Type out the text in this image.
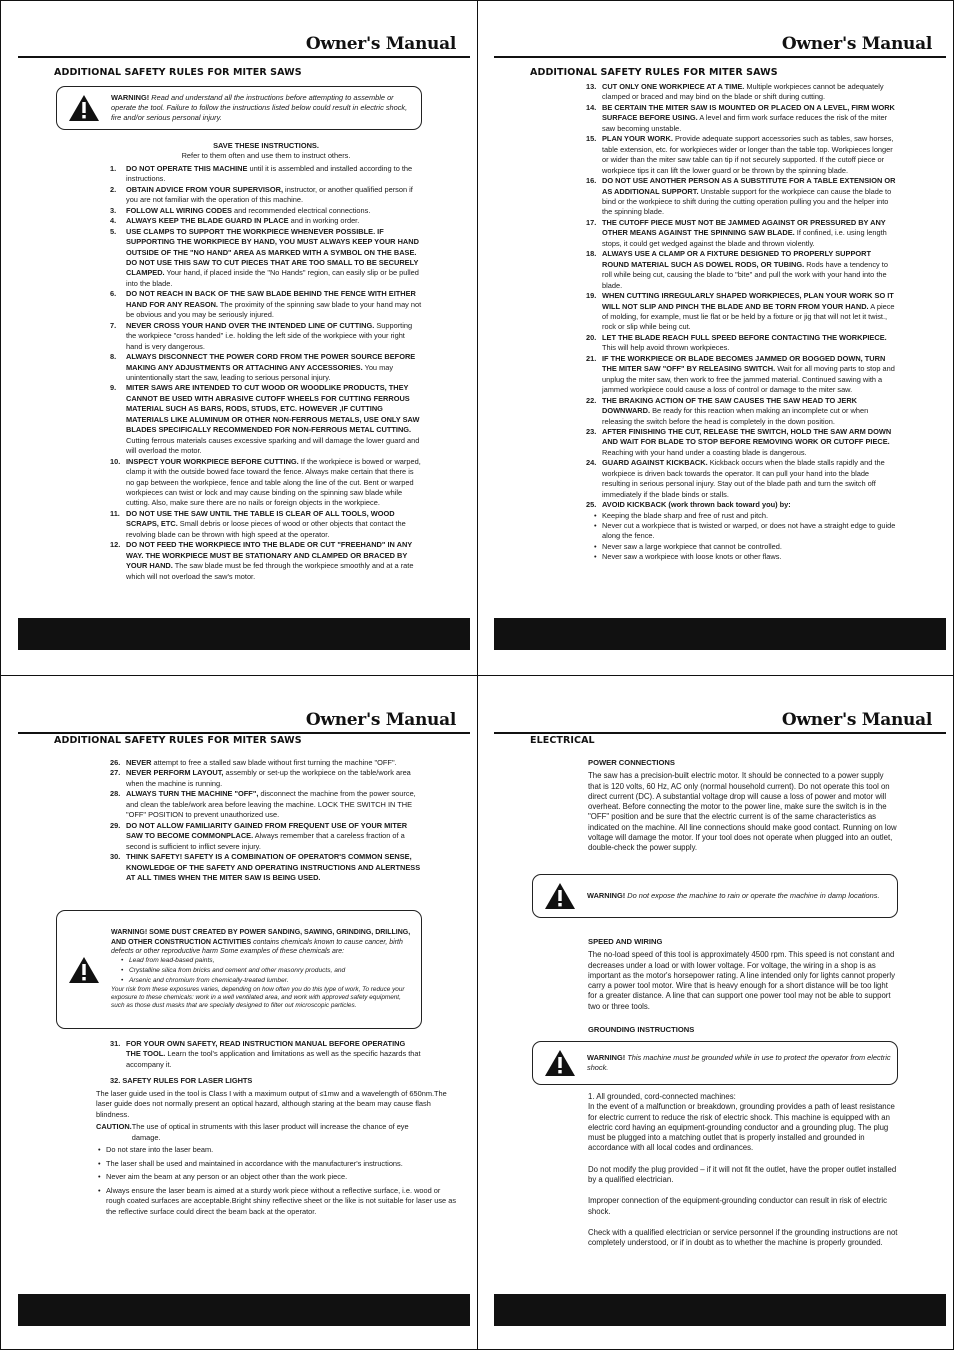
Owner's Manual
ADDITIONAL SAFETY RULES FOR MITER SAWS
WARNING! Read and understand all the instructions before attempting to assemble or operate the tool. Failure to follow the instructions listed below could result in electric shock, fire and/or serious personal injury.
SAVE THESE INSTRUCTIONS.
Refer to them often and use them to instruct others.
1. DO NOT OPERATE THIS MACHINE until it is assembled and installed according to the instructions.
2. OBTAIN ADVICE FROM YOUR SUPERVISOR, instructor, or another qualified person if you are not familiar with the operation of this machine.
3. FOLLOW ALL WIRING CODES and recommended electrical connections.
4. ALWAYS KEEP THE BLADE GUARD IN PLACE and in working order.
5. USE CLAMPS TO SUPPORT THE WORKPIECE WHENEVER POSSIBLE. IF SUPPORTING THE WORKPIECE BY HAND, YOU MUST ALWAYS KEEP YOUR HAND OUTSIDE OF THE "NO HAND" AREA AS MARKED WITH A SYMBOL ON THE BASE. DO NOT USE THIS SAW TO CUT PIECES THAT ARE TOO SMALL TO BE SECURELY CLAMPED. Your hand, if placed inside the "No Hands" region, can easily slip or be pulled into the blade.
6. DO NOT REACH IN BACK OF THE SAW BLADE BEHIND THE FENCE WITH EITHER HAND FOR ANY REASON. The proximity of the spinning saw blade to your hand may not be obvious and you may be seriously injured.
7. NEVER CROSS YOUR HAND OVER THE INTENDED LINE OF CUTTING. Supporting the workpiece "cross handed" i.e. holding the left side of the workpiece with your right hand is very dangerous.
8. ALWAYS DISCONNECT THE POWER CORD FROM THE POWER SOURCE BEFORE MAKING ANY ADJUSTMENTS OR ATTACHING ANY ACCESSORIES. You may unintentionally start the saw, leading to serious personal injury.
9. MITER SAWS ARE INTENDED TO CUT WOOD OR WOODLIKE PRODUCTS, THEY CANNOT BE USED WITH ABRASIVE CUTOFF WHEELS FOR CUTTING FERROUS MATERIAL SUCH AS BARS, RODS, STUDS, ETC. HOWEVER ,IF CUTTING MATERIALS LIKE ALUMINUM OR OTHER NON-FERROUS METALS, USE ONLY SAW BLADES SPECIFICALLY RECOMMENDED FOR NON-FERROUS METAL CUTTING. Cutting ferrous materials causes excessive sparking and will damage the lower guard and will overload the motor.
10. INSPECT YOUR WORKPIECE BEFORE CUTTING. If the workpiece is bowed or warped, clamp it with the outside bowed face toward the fence. Always make certain that there is no gap between the workpiece, fence and table along the line of the cut. Bent or warped workpieces can twist or lock and may cause binding on the spinning saw blade while cutting. Also, make sure there are no nails or foreign objects in the workpiece.
11. DO NOT USE THE SAW UNTIL THE TABLE IS CLEAR OF ALL TOOLS, WOOD SCRAPS, ETC. Small debris or loose pieces of wood or other objects that contact the revolving blade can be thrown with high speed at the operator.
12. DO NOT FEED THE WORKPIECE INTO THE BLADE OR CUT "FREEHAND" IN ANY WAY. THE WORKPIECE MUST BE STATIONARY AND CLAMPED OR BRACED BY YOUR HAND. The saw blade must be fed through the workpiece smoothly and at a rate which will not overload the saw's motor.
Owner's Manual
ADDITIONAL SAFETY RULES FOR MITER SAWS
13. CUT ONLY ONE WORKPIECE AT A TIME. Multiple workpieces cannot be adequately clamped or braced and may bind on the blade or shift during cutting.
14. BE CERTAIN THE MITER SAW IS MOUNTED OR PLACED ON A LEVEL, FIRM WORK SURFACE BEFORE USING. A level and firm work surface reduces the risk of the miter saw becoming unstable.
15. PLAN YOUR WORK. Provide adequate support accessories such as tables, saw horses, table extension, etc. for workpieces wider or longer than the table top. Workpieces longer or wider than the miter saw table can tip if not securely supported. If the cutoff piece or workpiece tips it can lift the lower guard or be thrown by the spinning blade.
16. DO NOT USE ANOTHER PERSON AS A SUBSTITUTE FOR A TABLE EXTENSION OR AS ADDITIONAL SUPPORT. Unstable support for the workpiece can cause the blade to bind or the workpiece to shift during the cutting operation pulling you and the helper into the spinning blade.
17. THE CUTOFF PIECE MUST NOT BE JAMMED AGAINST OR PRESSURED BY ANY OTHER MEANS AGAINST THE SPINNING SAW BLADE. If confined, i.e. using length stops, it could get wedged against the blade and thrown violently.
18. ALWAYS USE A CLAMP OR A FIXTURE DESIGNED TO PROPERLY SUPPORT ROUND MATERIAL SUCH AS DOWEL RODS, OR TUBING. Rods have a tendency to roll while being cut, causing the blade to "bite" and pull the work with your hand into the blade.
19. WHEN CUTTING IRREGULARLY SHAPED WORKPIECES, PLAN YOUR WORK SO IT WILL NOT SLIP AND PINCH THE BLADE AND BE TORN FROM YOUR HAND. A piece of molding, for example, must lie flat or be held by a fixture or jig that will not let it twist., rock or slip while being cut.
20. LET THE BLADE REACH FULL SPEED BEFORE CONTACTING THE WORKPIECE. This will help avoid thrown workpieces.
21. IF THE WORKPIECE OR BLADE BECOMES JAMMED OR BOGGED DOWN, TURN THE MITER SAW "OFF" BY RELEASING SWITCH. Wait for all moving parts to stop and unplug the miter saw, then work to free the jammed material. Continued sawing with a jammed workpiece could cause a loss of control or damage to the miter saw.
22. THE BRAKING ACTION OF THE SAW CAUSES THE SAW HEAD TO JERK DOWNWARD. Be ready for this reaction when making an incomplete cut or when releasing the switch before the head is completely in the down position.
23. AFTER FINISHING THE CUT, RELEASE THE SWITCH, HOLD THE SAW ARM DOWN AND WAIT FOR BLADE TO STOP BEFORE REMOVING WORK OR CUTOFF PIECE. Reaching with your hand under a coasting blade is dangerous.
24. GUARD AGAINST KICKBACK. Kickback occurs when the blade stalls rapidly and the workpiece is driven back towards the operator. It can pull your hand into the blade resulting in serious personal injury. Stay out of the blade path and turn the switch off immediately if the blade binds or stalls.
25. AVOID KICKBACK (work thrown back toward you) by:
• Keeping the blade sharp and free of rust and pitch.
• Never cut a workpiece that is twisted or warped, or does not have a straight edge to guide along the fence.
• Never saw a large workpiece that cannot be controlled.
• Never saw a workpiece with loose knots or other flaws.
Owner's Manual
ADDITIONAL SAFETY RULES FOR MITER SAWS
26. NEVER attempt to free a stalled saw blade without first turning the machine "OFF".
27. NEVER PERFORM LAYOUT, assembly or set-up the workpiece on the table/work area when the machine is running.
28. ALWAYS TURN THE MACHINE "OFF", disconnect the machine from the power source, and clean the table/work area before leaving the machine. LOCK THE SWITCH IN THE "OFF" POSITION to prevent unauthorized use.
29. DO NOT ALLOW FAMILIARITY GAINED FROM FREQUENT USE OF YOUR MITER SAW TO BECOME COMMONPLACE. Always remember that a careless fraction of a second is sufficient to inflict severe injury.
30. THINK SAFETY! SAFETY IS A COMBINATION OF OPERATOR'S COMMON SENSE, KNOWLEDGE OF THE SAFETY AND OPERATING INSTRUCTIONS AND ALERTNESS AT ALL TIMES WHEN THE MITER SAW IS BEING USED.
WARNING! SOME DUST CREATED BY POWER SANDING, SAWING, GRINDING, DRILLING, AND OTHER CONSTRUCTION ACTIVITIES contains chemicals known to cause cancer, birth defects or other reproductive harm Some examples of these chemicals are:
• Lead from lead-based paints,
• Crystalline silica from bricks and cement and other masonry products, and
• Arsenic and chromium from chemically-treated lumber.
Your risk from these exposures varies, depending on how often you do this type of work, To reduce your exposure to these chemicals: work in a well ventilated area, and work with approved safety equipment, such as those dust masks that are specially designed to filter out microscopic particles.
31. FOR YOUR OWN SAFETY, READ INSTRUCTION MANUAL BEFORE OPERATING THE TOOL. Learn the tool's application and limitations as well as the specific hazards that accompany it.
32. SAFETY RULES FOR LASER LIGHTS
The laser guide used in the tool is Class I with a maximum output of ≤1mw and a wavelength of 650nm.The laser guide does not normally present an optical hazard, although staring at the beam may cause flash blindness.
CAUTION. The use of optical in struments with this laser product will increase the chance of eye damage.
• Do not stare into the laser beam.
• The laser shall be used and maintained in accordance with the manufacturer's instructions.
• Never aim the beam at any person or an object other than the work piece.
• Always ensure the laser beam is aimed at a sturdy work piece without a reflective surface, i.e. wood or rough coated surfaces are acceptable.Bright shiny reflective sheet or the like is not suitable for laser use as the reflective surface could direct the beam back at the operator.
Owner's Manual
ELECTRICAL
POWER CONNECTIONS
The saw has a precision-built electric motor. It should be connected to a power supply that is 120 volts, 60 Hz, AC only (normal household current). Do not operate this tool on direct current (DC). A substantial voltage drop will cause a loss of power and motor will overheat. Before connecting the motor to the power line, make sure the switch is in the "OFF" position and be sure that the electric current is of the same characteristics as indicated on the machine. All line connections should make good contact. Running on low voltage will damage the motor. If your tool does not operate when plugged into an outlet, double-check the power supply.
WARNING! Do not expose the machine to rain or operate the machine in damp locations.
SPEED AND WIRING
The no-load speed of this tool is approximately 4500 rpm. This speed is not constant and decreases under a load or with lower voltage. For voltage, the wiring in a shop is as important as the motor's horsepower rating. A line intended only for lights cannot properly carry a power tool motor. Wire that is heavy enough for a short distance will be too light for a greater distance. A line that can support one power tool may not be able to support two or three tools.
GROUNDING INSTRUCTIONS
WARNING! This machine must be grounded while in use to protect the operator from electric shock.
1. All grounded, cord-connected machines:
In the event of a malfunction or breakdown, grounding provides a path of least resistance for electric current to reduce the risk of electric shock. This machine is equipped with an electric cord having an equipment-grounding conductor and a grounding plug. The plug must be plugged into a matching outlet that is properly installed and grounded in accordance with all local codes and ordinances.
Do not modify the plug provided – if it will not fit the outlet, have the proper outlet installed by a qualified electrician.
Improper connection of the equipment-grounding conductor can result in risk of electric shock.
Check with a qualified electrician or service personnel if the grounding instructions are not completely understood, or if in doubt as to whether the machine is properly grounded.
